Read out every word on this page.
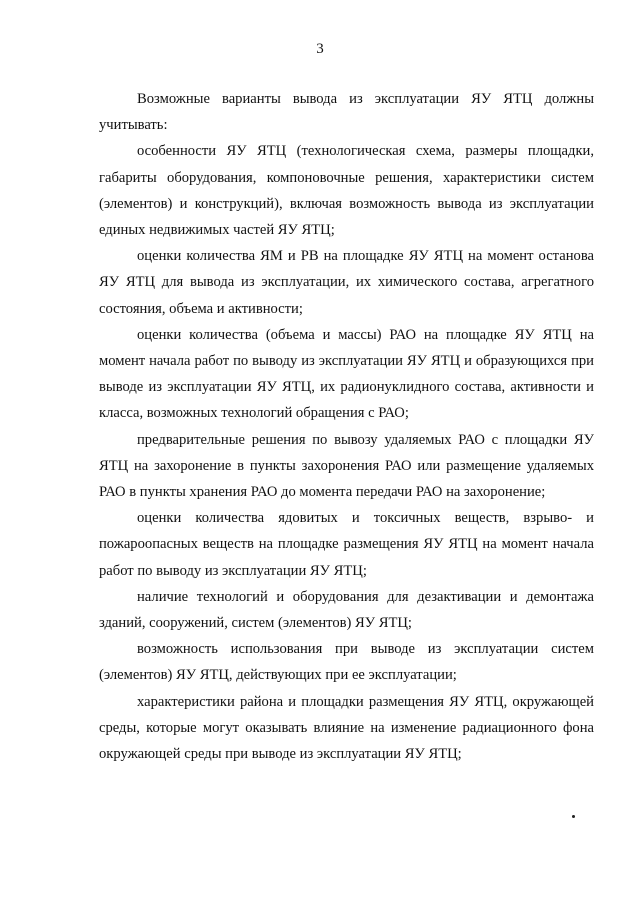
3

Возможные варианты вывода из эксплуатации ЯУ ЯТЦ должны учитывать:

особенности ЯУ ЯТЦ (технологическая схема, размеры площадки, габариты оборудования, компоновочные решения, характеристики систем (элементов) и конструкций), включая возможность вывода из эксплуатации единых недвижимых частей ЯУ ЯТЦ;

оценки количества ЯМ и РВ на площадке ЯУ ЯТЦ на момент останова ЯУ ЯТЦ для вывода из эксплуатации, их химического состава, агрегатного состояния, объема и активности;

оценки количества (объема и массы) РАО на площадке ЯУ ЯТЦ на момент начала работ по выводу из эксплуатации ЯУ ЯТЦ и образующихся при выводе из эксплуатации ЯУ ЯТЦ, их радионуклидного состава, активности и класса, возможных технологий обращения с РАО;

предварительные решения по вывозу удаляемых РАО с площадки ЯУ ЯТЦ на захоронение в пункты захоронения РАО или размещение удаляемых РАО в пункты хранения РАО до момента передачи РАО на захоронение;

оценки количества ядовитых и токсичных веществ, взрыво- и пожароопасных веществ на площадке размещения ЯУ ЯТЦ на момент начала работ по выводу из эксплуатации ЯУ ЯТЦ;

наличие технологий и оборудования для дезактивации и демонтажа зданий, сооружений, систем (элементов) ЯУ ЯТЦ;

возможность использования при выводе из эксплуатации систем (элементов) ЯУ ЯТЦ, действующих при ее эксплуатации;

характеристики района и площадки размещения ЯУ ЯТЦ, окружающей среды, которые могут оказывать влияние на изменение радиационного фона окружающей среды при выводе из эксплуатации ЯУ ЯТЦ;
